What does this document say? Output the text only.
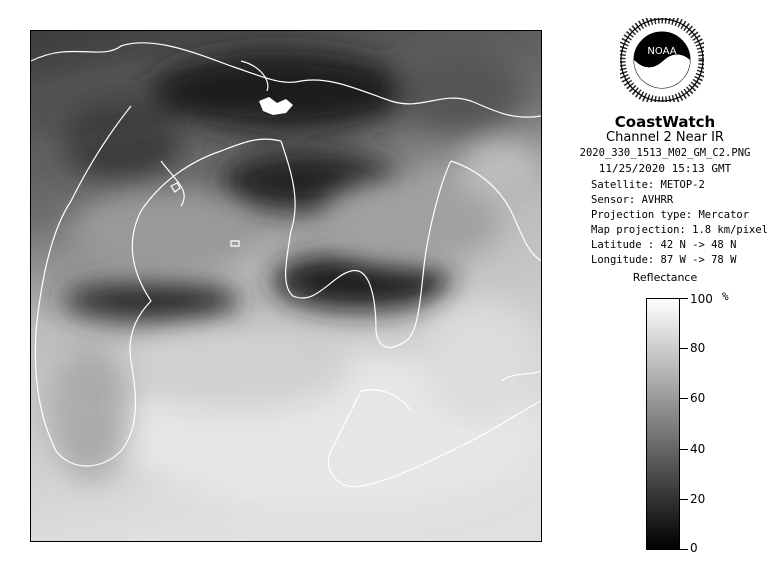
NOAA
CoastWatch
Channel 2 Near IR
2020_330_1513_M02_GM_C2.PNG
11/25/2020 15:13 GMT
Satellite: METOP-2
Sensor: AVHRR
Projection type: Mercator
Map projection: 1.8 km/pixel
Latitude : 42 N -> 48 N
Longitude: 87 W -> 78 W
Reflectance
%
100
80
60
40
20
0
